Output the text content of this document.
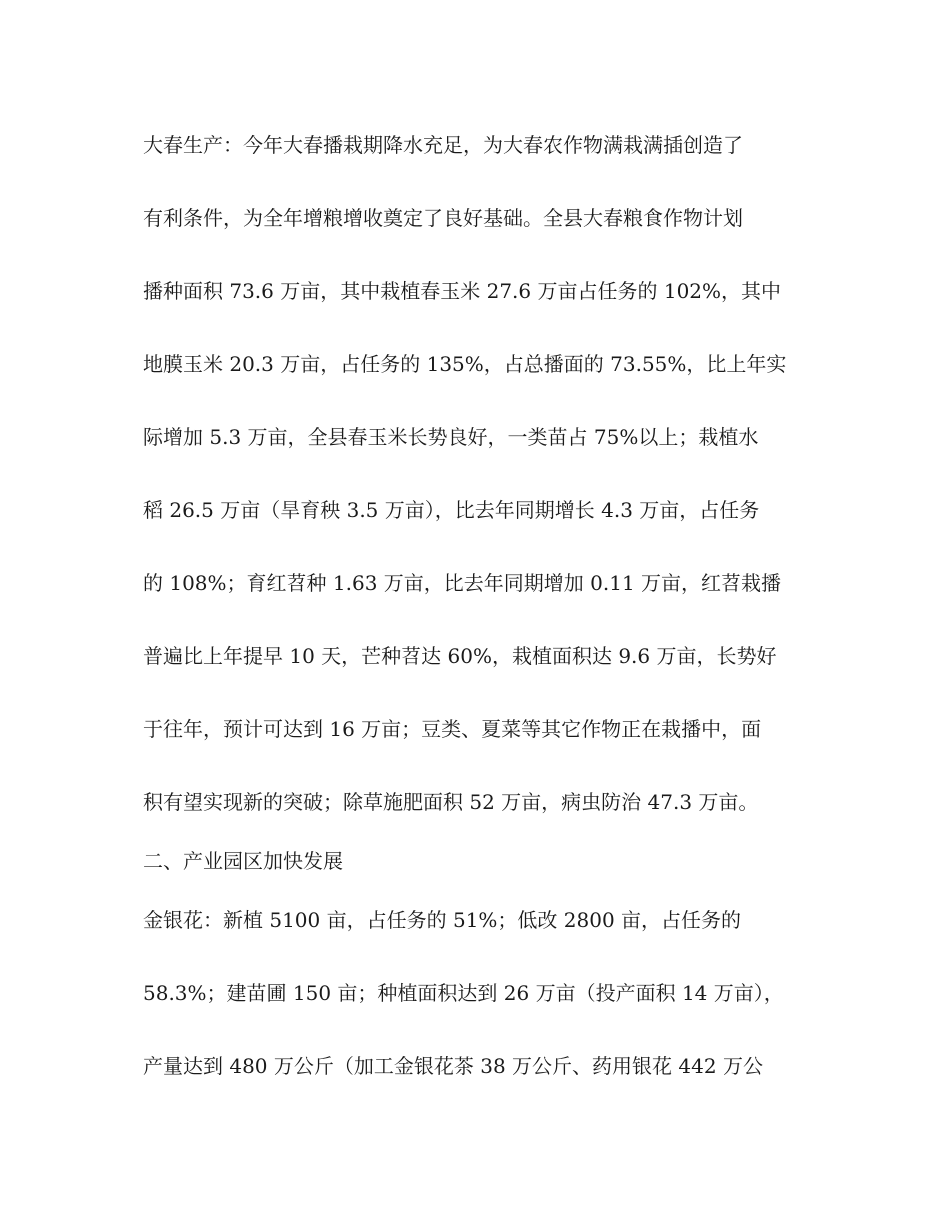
大春生产：今年大春播栽期降水充足，为大春农作物满栽满插创造了
有利条件，为全年增粮增收奠定了良好基础。全县大春粮食作物计划
播种面积 73.6 万亩，其中栽植春玉米 27.6 万亩占任务的 102%，其中
地膜玉米 20.3 万亩，占任务的 135%，占总播面的 73.55%，比上年实
际增加 5.3 万亩，全县春玉米长势良好，一类苗占 75%以上；栽植水
稻 26.5 万亩（旱育秧 3.5 万亩），比去年同期增长 4.3 万亩，占任务
的 108%；育红苕种 1.63 万亩，比去年同期增加 0.11 万亩，红苕栽播
普遍比上年提早 10 天，芒种苕达 60%，栽植面积达 9.6 万亩，长势好
于往年，预计可达到 16 万亩；豆类、夏菜等其它作物正在栽播中，面
积有望实现新的突破；除草施肥面积 52 万亩，病虫防治 47.3 万亩。
二、产业园区加快发展
金银花：新植 5100 亩，占任务的 51%；低改 2800 亩，占任务的
58.3%；建苗圃 150 亩；种植面积达到 26 万亩（投产面积 14 万亩），
产量达到 480 万公斤（加工金银花茶 38 万公斤、药用银花 442 万公
